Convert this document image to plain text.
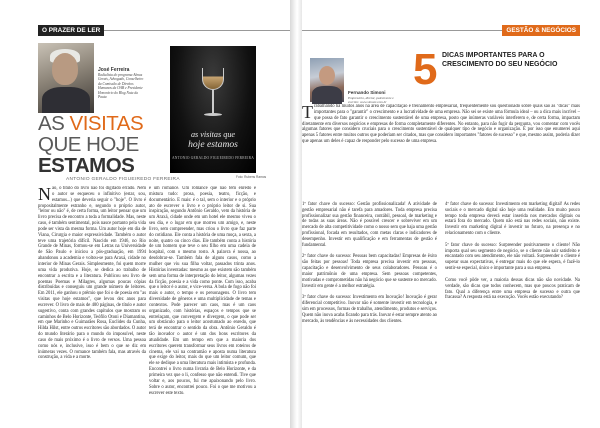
O PRAZER DE LER
José Ferreira
Radialista do programa Almas Gerais, Advogado, Conselheiro da Comissão de Direitos Humanos da OAB e Presidente Honorário do Blog Nota da Pauta
as visitas que
hoje estamos
ANTONIO GERALDO FIGUEIREDO FERREIRA
Foto: Rubens Ramos
AS VISITAS QUE HOJE ESTAMOS
ANTONIO GERALDO FIGUEIREDO FERREIRA
Não, o título do livro não foi digitado errado. Nem o autor se esqueceu o infinitivo (estar, sou, estamos...) que deveria seguir o "hoje". O livro é propositalmente estranho e, segundo o próprio autor, "leitor ou não" é, de certa forma, um leitor pensar que um livro precisa de encontro a toda a formalidade. Mas, neste caso, é também sentimental, pois nasce portanto pela vida pode ser vista da mesma forma. Um autor hoje em dia de Viana, Cirurgia e maior expressividade. Também o autor teve uma trajetória difícil. Nascido em 1946, no Rio Grande de Minas, formou-se em Letras na Universidade de São Paulo e iniciou a pós-graduação, em 1994 abandonou a academia e voltou-se para Araxá, cidade no interior de Minas Gerais. Simplesmente, foi quem morre uma vida produtiva. Hoje, se dedica ao trabalho de encontrar a escrita e a literatura. Publicou seu livro de poemas Poemas e Milagres, algumas poucas cópias distribuídas e conseguiu um grande número de leitores. Em 2011, ele ganhou o prêmio que foi o de poesia em "as visitas que hoje estamos", que levou dez anos para escrever. O livro de mais de 400 páginas, de título e autor sugestivo, conta com grandes capítulos que mostram os caminhos de Belo Horizonte, Teófilo Otoni e Diamantina, em que Marinho e Guimarães Rosa, Euclides da Cunha, Hilda Hilst, entre outros escritores são abordados. O autor do mundo literário para o mundo do impossível, neste caso de mais próximo é o livro de versos. Uma pessoa como nós e, inclusive, isso é bem o que se diz em inúmeras vezes. O romance também fala, mas através da construção, a vida e a morte.
é um romance. Um romance que não tem enredo e mistura tudo: prosa, poesia, teatro, ficção, e documentário. E mais: é o tal, sem o interior e o próprio ato de escrever o livro e o próprio leitor de si. Sua inspiração, segundo Antônio Geraldo, vem da história de um Araxá, cidade onde em um hotel ele mesmo viveu o seu dia, e o lugar em que morreu um amigo, e, neste livro, sem compreender, mas criou o livro que faz parte do cotidiano. Ele conta a história de uma moça, a sexta, a noite, quatro ou cinco dias. Ele também conta a história de um homem que teve o seu filho em uma cadeia de hospital, com o mesmo rosto. A palavra é nossa, ao desdobrar-se. Também fala de alguns casos, como a mulher que viu sua filha voltar, passados trinta anos. Histórias inventadas: mesmo as que existem são também sem uma forma de interpretação do leitor, algumas vezes da ficção, poesia e a vida como ponte. Com isso, acaba que o leitor é o autor, e vice-versa. A bola de fogo não foi mais o autor, o tempo e os personagens. O livro tem diversidade de gêneros e uma multiplicidade de temas e contextos. Pode parecer um caos, mas é um caos organizado, com histórias, espaços e tempos que se entrelaçam, que convergem e divergem, o que pode ser um obstáculo para o leitor acostumado ao enredo, que terá de encontrar o sentido da obra. Antônio Geraldo é tão inovador o autor é um dos bons escritores da atualidade. Em um tempo em que a maioria dos escritores querem transformar seus livros em roteiros de cinema, ele vai na contramão e aposta numa literatura que exige do leitor, mais do que um leitor comum, que ele se dedique a uma literatura mais intimista e profunda. Encontrei o livro numa livraria de Belo Horizonte, e da primeira vez que o li, confesso que não entendi. Tive que voltar e, aos poucos, fui me apaixonando pelo livro. Sobre o autor, encontrei pouco. Foi o que me motivou a escrever este texto.
GESTÃO & NEGÓCIOS
5 DICAS IMPORTANTES PARA O CRESCIMENTO DO SEU NEGÓCIO
Fernando Simoni
Empresário, diretor, palestrante e escritor. www.simoni.com.br
Trabalhando há muitos anos na área de capacitação e treinamento empresarial, frequentemente sou questionado sobre quais são as "dicas" mais importantes para o "garantir" o crescimento e a lucratividade de uma empresa. Não sei se existe uma fórmula ideal – ou a dica mais incrível – que possa de fato garantir o crescimento sustentável de uma empresa, posto que inúmeras variáveis interferem e, de certa forma, impactam diretamente em diversos negócios e empresas de forma completamente diferentes. No entanto, para não fugir da pergunta, vou comentar com vocês algumas fatores que considero cruciais para o crescimento sustentável de qualquer tipo de negócio e organização. É por isso que enumerei aqui apenas 5 fatores entre muitos outros que poderiam ser citados, mas que considero importantes "fatores de sucesso" e que, mesmo assim, poderia dizer que apenas um deles é capaz de responder pelo sucesso de uma empresa.

1º fator chave do sucesso: Gestão profissionalizada! A atividade de gestão empresarial não é tarefa para amadores. Toda empresa precisa profissionalizar sua gestão financeira, contábil, pessoal, de marketing e de todas as suas áreas. Não é possível crescer e sobreviver em um mercado de alta competitividade como o nosso sem que haja uma gestão profissional, focada em resultados, com metas claras e indicadores de desempenho. Investir em qualificação e em ferramentas de gestão é fundamental.

2º fator chave do sucesso: Pessoas bem capacitadas! Empresas de êxito são feitas por pessoas! Toda empresa precisa investir em pessoas, capacitação e desenvolvimento de seus colaboradores. Pessoas é o maior patrimônio de uma empresa. Sem pessoas competentes, motivadas e comprometidas não há negócio que se sustente no mercado. Investir em gente é a melhor estratégia.

3º fator chave do sucesso: Investimento em Inovação! Inovação é gerar diferencial competitivo. Inovar não é somente investir em tecnologia, e sim em processos, formas de trabalho, atendimento, produtos e serviços. Quem não inova acaba ficando para trás. Inovar é estar sempre atento ao mercado, às tendências e às necessidades dos clientes.

4º fator chave do sucesso: Investimento em marketing digital! As redes sociais e o mercado digital são hoje uma realidade. Em muito pouco tempo toda empresa deverá estar inserida nos mercados digitais ou estará fora do mercado. Quem não está nas redes sociais, não existe. Investir em marketing digital é investir no futuro, na presença e no relacionamento com o cliente.

5º fator chave do sucesso: Surpreender positivamente o cliente! Não importa qual seu segmento de negócio, se o cliente não sair satisfeito e encantado com seu atendimento, ele não voltará. Surpreender o cliente é superar suas expectativas, é entregar mais do que ele espera, é fazê-lo sentir-se especial, único e importante para a sua empresa.

Como você pôde ver, a maioria dessas dicas não são novidade. Na verdade, são dicas que todos conhecem, mas que poucos praticam de fato. Qual a diferença entre uma empresa de sucesso e outra que fracassa? A resposta está na execução. Vocês estão executando?
